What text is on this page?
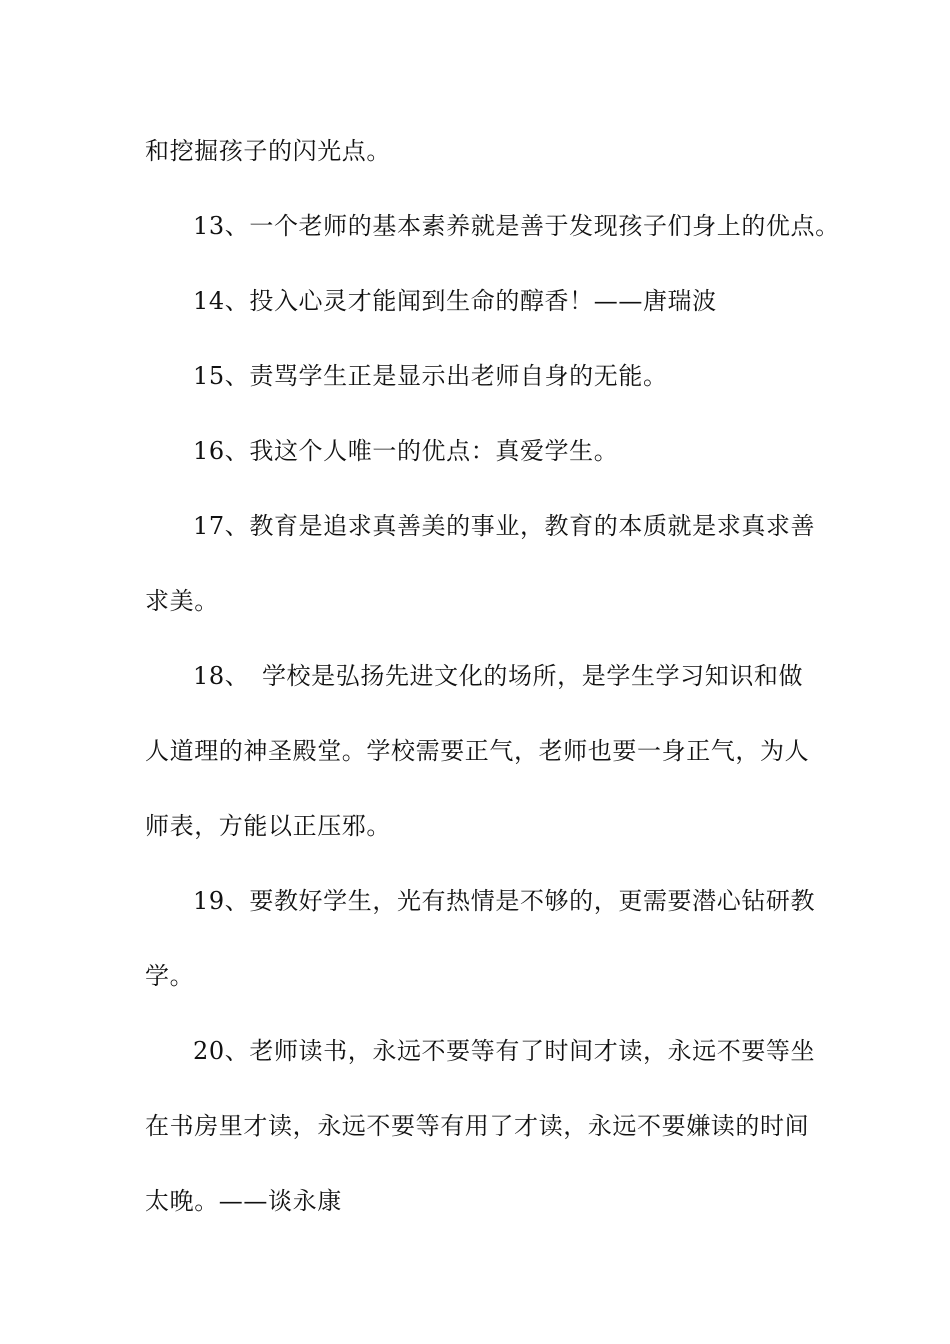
和挖掘孩子的闪光点。
13、一个老师的基本素养就是善于发现孩子们身上的优点。
14、投入心灵才能闻到生命的醇香！——唐瑞波
15、责骂学生正是显示出老师自身的无能。
16、我这个人唯一的优点：真爱学生。
17、教育是追求真善美的事业，教育的本质就是求真求善
求美。
18、　学校是弘扬先进文化的场所，是学生学习知识和做
人道理的神圣殿堂。学校需要正气，老师也要一身正气，为人
师表，方能以正压邪。
19、要教好学生，光有热情是不够的，更需要潜心钻研教
学。
20、老师读书，永远不要等有了时间才读，永远不要等坐
在书房里才读，永远不要等有用了才读，永远不要嫌读的时间
太晚。——谈永康
